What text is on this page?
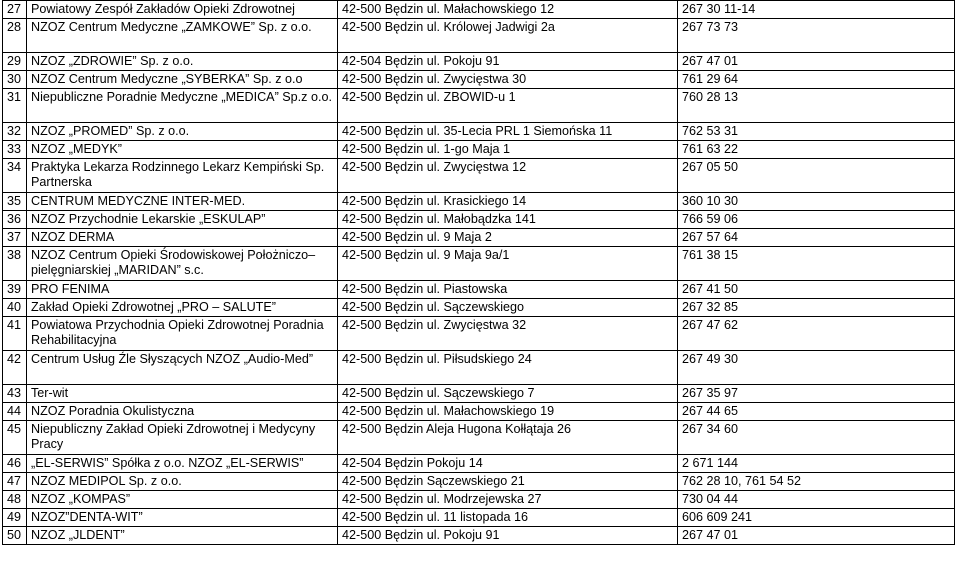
27	Powiatowy Zespół Zakładów Opieki Zdrowotnej	42-500 Będzin ul. Małachowskiego 12	267 30 11-14
28	NZOZ Centrum Medyczne „ZAMKOWE” Sp. z o.o.	42-500 Będzin ul. Królowej Jadwigi 2a	267 73 73
29	NZOZ „ZDROWIE” Sp. z o.o.	42-504 Będzin ul. Pokoju 91	267 47 01
30	NZOZ Centrum Medyczne „SYBERKA” Sp. z o.o	42-500 Będzin ul. Zwycięstwa 30	761 29 64
31	Niepubliczne Poradnie Medyczne „MEDICA” Sp.z o.o.	42-500 Będzin ul. ZBOWID-u 1	760 28 13
32	NZOZ „PROMED” Sp. z o.o.	42-500 Będzin ul. 35-Lecia PRL 1 Siemońska 11	762 53 31
33	NZOZ „MEDYK”	42-500 Będzin ul. 1-go Maja 1	761 63 22
34	Praktyka Lekarza Rodzinnego Lekarz Kempiński Sp. Partnerska	42-500 Będzin ul. Zwycięstwa 12	267 05 50
35	CENTRUM MEDYCZNE INTER-MED.	42-500 Będzin ul. Krasickiego 14	360 10 30
36	NZOZ Przychodnie Lekarskie „ESKULAP”	42-500 Będzin ul. Małobądzka 141	766 59 06
37	NZOZ DERMA	42-500 Będzin ul. 9 Maja 2	267 57 64
38	NZOZ Centrum Opieki Środowiskowej Położniczo–pielęgniarskiej „MARIDAN” s.c.	42-500 Będzin ul. 9 Maja 9a/1	761 38 15
39	PRO FENIMA	42-500 Będzin ul. Piastowska	267 41 50
40	Zakład Opieki Zdrowotnej „PRO – SALUTE”	42-500 Będzin ul. Sączewskiego	267 32 85
41	Powiatowa Przychodnia Opieki Zdrowotnej Poradnia Rehabilitacyjna	42-500 Będzin ul. Zwycięstwa 32	267 47 62
42	Centrum Usług Źle Słyszących NZOZ „Audio-Med”	42-500 Będzin ul. Piłsudskiego 24	267 49 30
43	Ter-wit	42-500 Będzin ul. Sączewskiego 7	267 35 97
44	NZOZ Poradnia Okulistyczna	42-500 Będzin ul. Małachowskiego 19	267 44 65
45	Niepubliczny Zakład Opieki Zdrowotnej i Medycyny Pracy	42-500 Będzin Aleja Hugona Kołłątaja 26	267 34 60
46	„EL-SERWIS” Spółka z o.o. NZOZ „EL-SERWIS”	42-504 Będzin Pokoju 14	2 671 144
47	NZOZ MEDIPOL Sp. z o.o.	42-500 Będzin Sączewskiego 21	762 28 10, 761 54 52
48	NZOZ „KOMPAS”	42-500 Będzin ul. Modrzejewska 27	730 04 44
49	NZOZ”DENTA-WIT”	42-500 Będzin ul. 11 listopada 16	606 609 241
50	NZOZ „JLDENT”	42-500 Będzin ul. Pokoju 91	267 47 01
